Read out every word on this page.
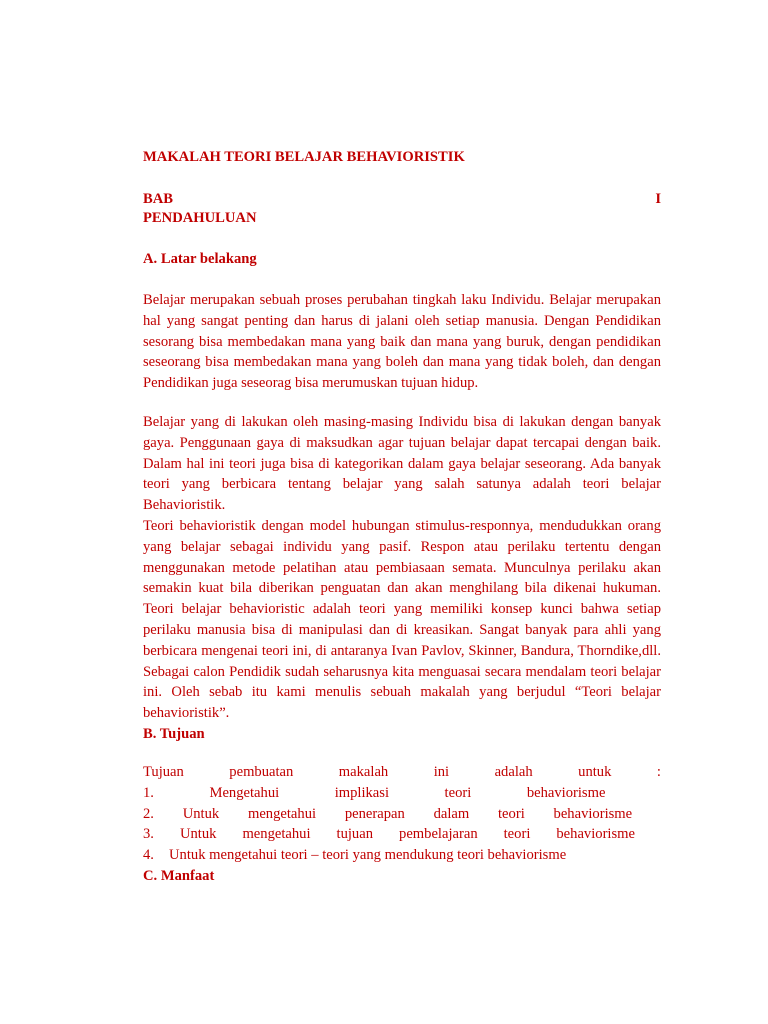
MAKALAH TEORI BELAJAR BEHAVIORISTIK
BAB	I
PENDAHULUAN
A. Latar belakang
Belajar merupakan sebuah proses perubahan tingkah laku Individu. Belajar merupakan hal yang sangat penting dan harus di jalani oleh setiap manusia. Dengan Pendidikan sesorang bisa membedakan mana yang baik dan mana yang buruk, dengan pendidikan seseorang bisa membedakan mana yang boleh dan mana yang tidak boleh, dan dengan Pendidikan juga seseorag bisa merumuskan tujuan hidup.
Belajar yang di lakukan oleh masing-masing Individu bisa di lakukan dengan banyak gaya. Penggunaan gaya di maksudkan agar tujuan belajar dapat tercapai dengan baik. Dalam hal ini teori juga bisa di kategorikan dalam gaya belajar seseorang. Ada banyak teori yang berbicara tentang belajar yang salah satunya adalah teori belajar Behavioristik.
Teori behavioristik dengan model hubungan stimulus-responnya, mendudukkan orang yang belajar sebagai individu yang pasif. Respon atau perilaku tertentu dengan menggunakan metode pelatihan atau pembiasaan semata. Munculnya perilaku akan semakin kuat bila diberikan penguatan dan akan menghilang bila dikenai hukuman. Teori belajar behavioristic adalah teori yang memiliki konsep kunci bahwa setiap perilaku manusia bisa di manipulasi dan di kreasikan. Sangat banyak para ahli yang berbicara mengenai teori ini, di antaranya Ivan Pavlov, Skinner, Bandura, Thorndike,dll. Sebagai calon Pendidik sudah seharusnya kita menguasai secara mendalam teori belajar ini. Oleh sebab itu kami menulis sebuah makalah yang berjudul “Teori belajar behavioristik”.
B. Tujuan
Tujuan	pembuatan	makalah	ini	adalah	untuk	:
1.	Mengetahui	implikasi	teori	behaviorisme
2. Untuk mengetahui penerapan dalam teori behaviorisme
3. Untuk mengetahui tujuan pembelajaran teori behaviorisme
4. Untuk mengetahui teori – teori yang mendukung teori behaviorisme
C. Manfaat
